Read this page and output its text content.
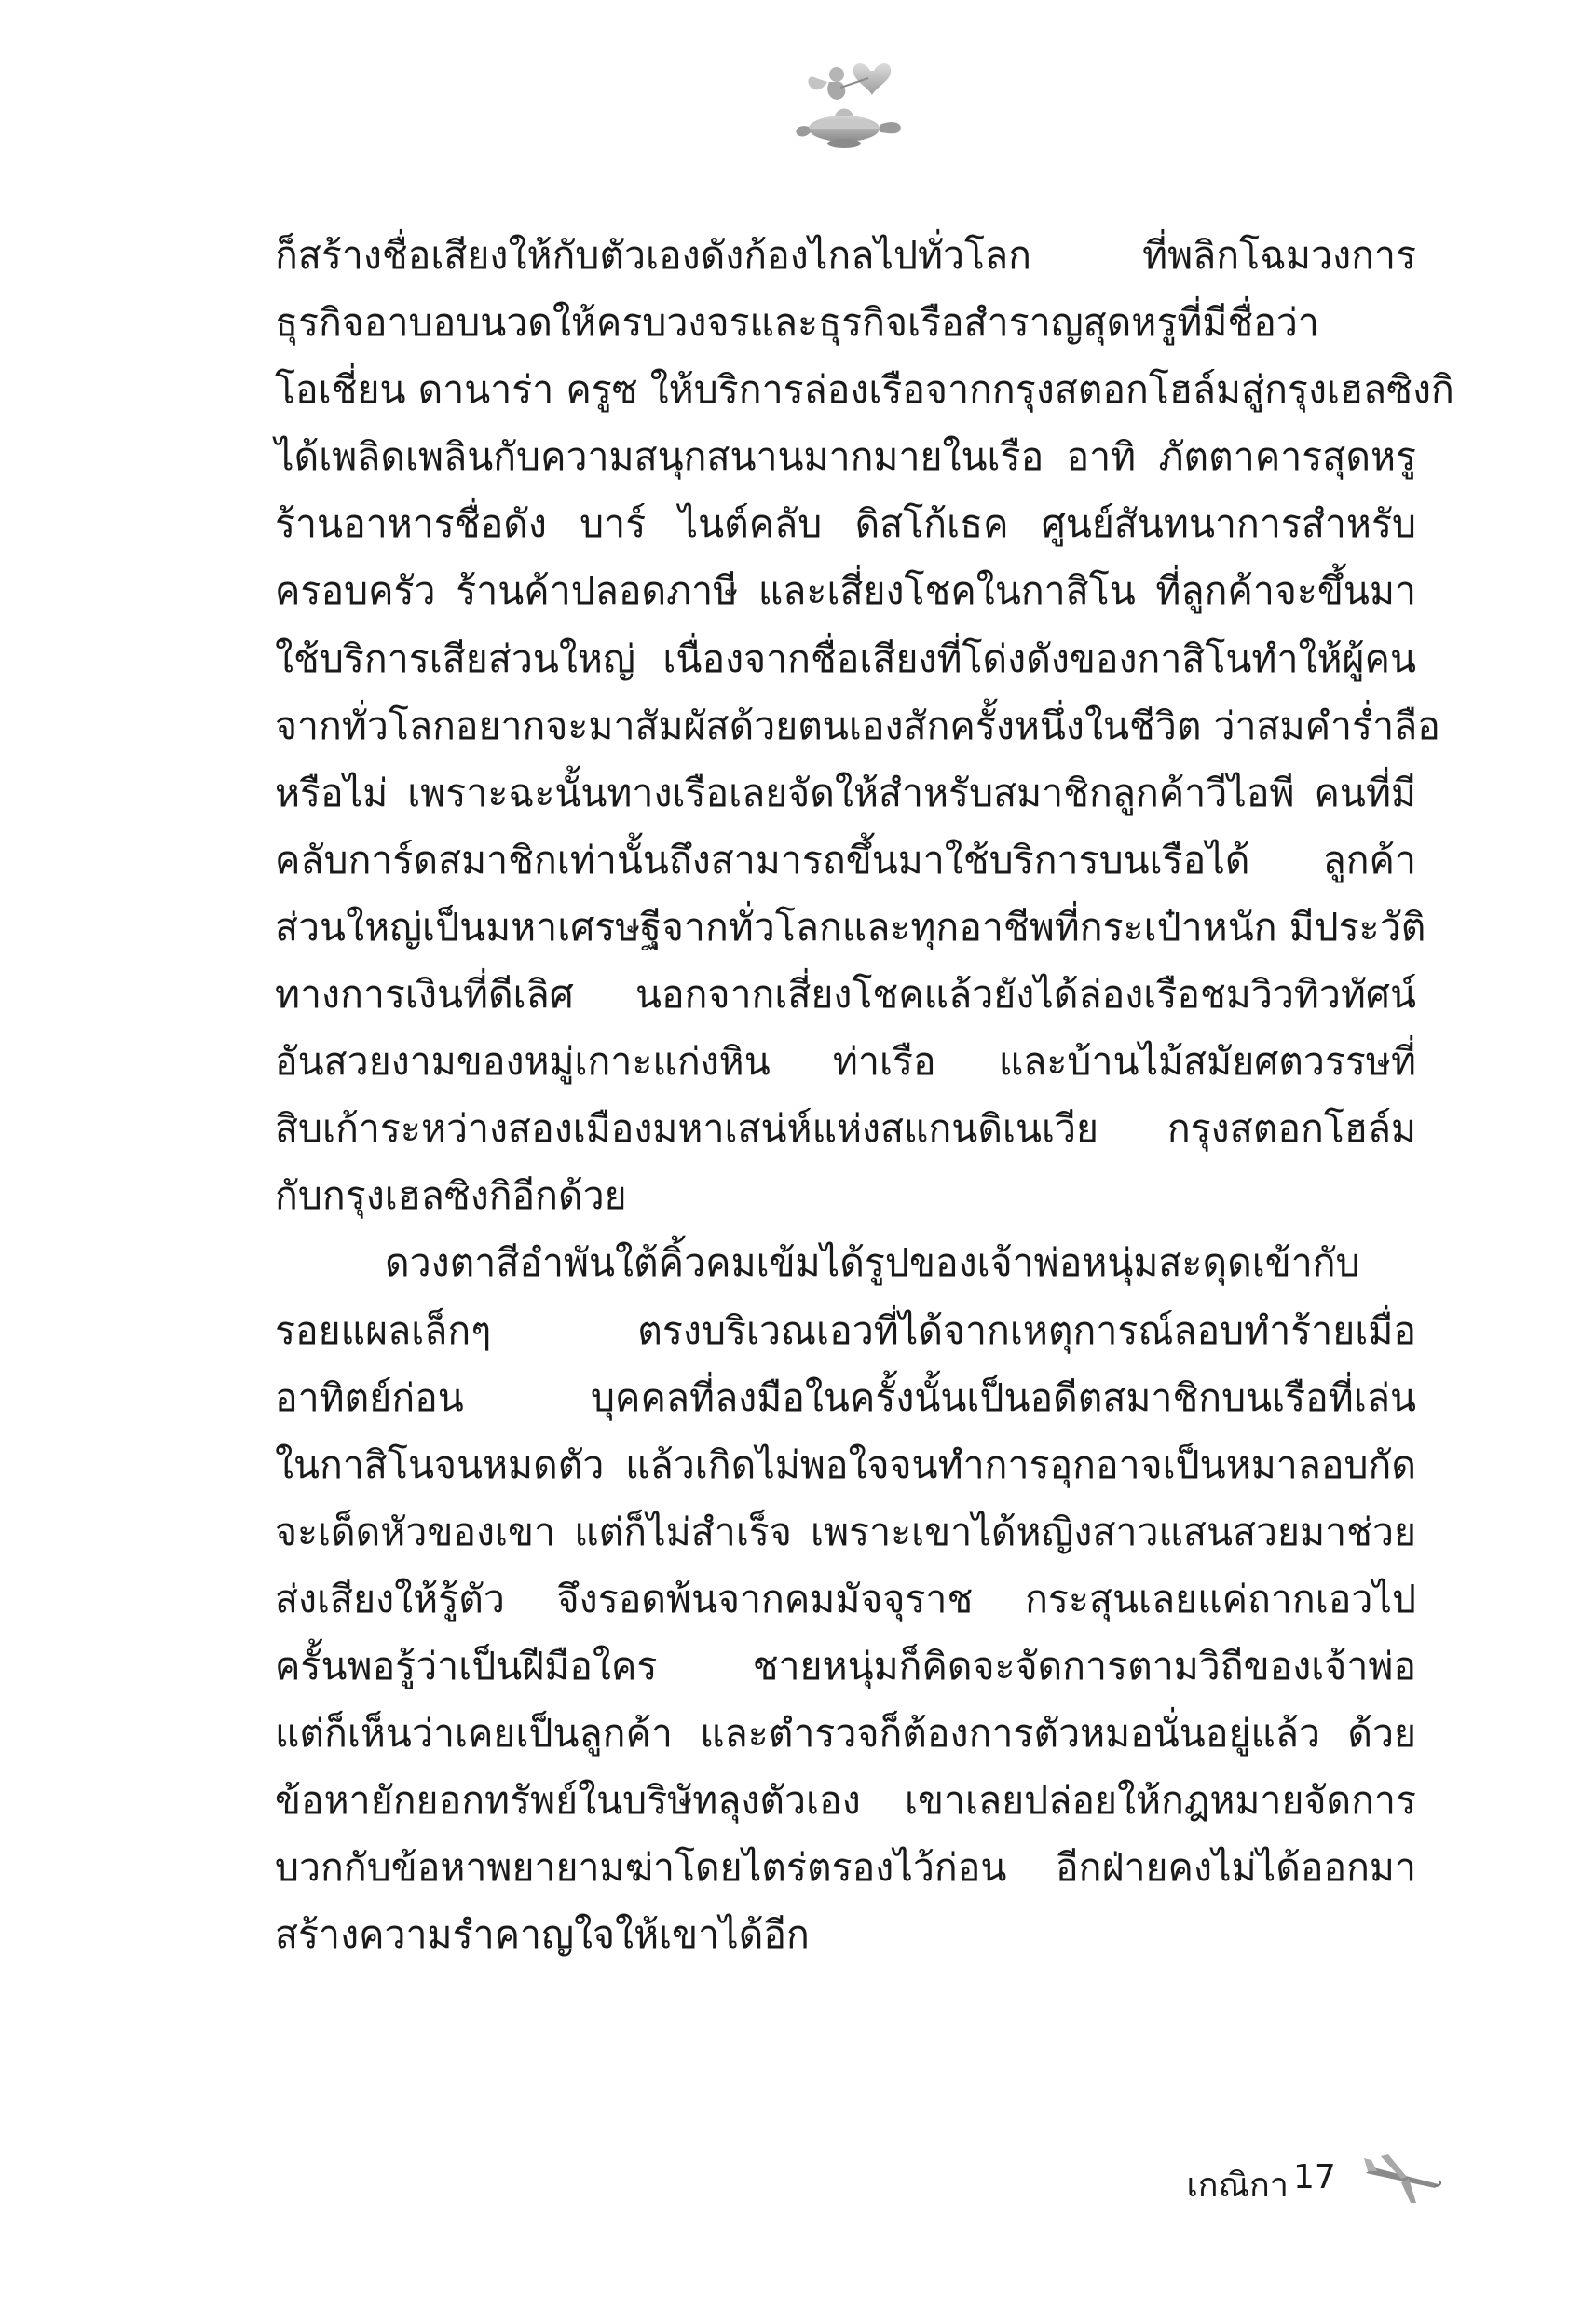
ก็สร้างชื่อเสียงให้กับตัวเองดังก้องไกลไปทั่วโลก ที่พลิกโฉมวงการ
ธุรกิจอาบอบนวดให้ครบวงจรและธุรกิจเรือสำราญสุดหรูที่มีชื่อว่า
โอเชี่ยน ดานาร่า ครูซ ให้บริการล่องเรือจากกรุงสตอกโฮล์มสู่กรุงเฮลซิงกิ
ได้เพลิดเพลินกับความสนุกสนานมากมายในเรือ อาทิ ภัตตาคารสุดหรู
ร้านอาหารชื่อดัง บาร์ ไนต์คลับ ดิสโก้เธค ศูนย์สันทนาการสำหรับ
ครอบครัว ร้านค้าปลอดภาษี และเสี่ยงโชคในกาสิโน ที่ลูกค้าจะขึ้นมา
ใช้บริการเสียส่วนใหญ่ เนื่องจากชื่อเสียงที่โด่งดังของกาสิโนทำให้ผู้คน
จากทั่วโลกอยากจะมาสัมผัสด้วยตนเองสักครั้งหนึ่งในชีวิต ว่าสมคำร่ำลือ
หรือไม่ เพราะฉะนั้นทางเรือเลยจัดให้สำหรับสมาชิกลูกค้าวีไอพี คนที่มี
คลับการ์ดสมาชิกเท่านั้นถึงสามารถขึ้นมาใช้บริการบนเรือได้ ลูกค้า
ส่วนใหญ่เป็นมหาเศรษฐีจากทั่วโลกและทุกอาชีพที่กระเป๋าหนัก มีประวัติ
ทางการเงินที่ดีเลิศ นอกจากเสี่ยงโชคแล้วยังได้ล่องเรือชมวิวทิวทัศน์
อันสวยงามของหมู่เกาะแก่งหิน ท่าเรือ และบ้านไม้สมัยศตวรรษที่
สิบเก้าระหว่างสองเมืองมหาเสน่ห์แห่งสแกนดิเนเวีย กรุงสตอกโฮล์ม
กับกรุงเฮลซิงกิอีกด้วย
ดวงตาสีอำพันใต้คิ้วคมเข้มได้รูปของเจ้าพ่อหนุ่มสะดุดเข้ากับ
รอยแผลเล็กๆ ตรงบริเวณเอวที่ได้จากเหตุการณ์ลอบทำร้ายเมื่อ
อาทิตย์ก่อน บุคคลที่ลงมือในครั้งนั้นเป็นอดีตสมาชิกบนเรือที่เล่น
ในกาสิโนจนหมดตัว แล้วเกิดไม่พอใจจนทำการอุกอาจเป็นหมาลอบกัด
จะเด็ดหัวของเขา แต่ก็ไม่สำเร็จ เพราะเขาได้หญิงสาวแสนสวยมาช่วย
ส่งเสียงให้รู้ตัว จึงรอดพ้นจากคมมัจจุราช กระสุนเลยแค่ถากเอวไป
ครั้นพอรู้ว่าเป็นฝีมือใคร ชายหนุ่มก็คิดจะจัดการตามวิถีของเจ้าพ่อ
แต่ก็เห็นว่าเคยเป็นลูกค้า และตำรวจก็ต้องการตัวหมอนั่นอยู่แล้ว ด้วย
ข้อหายักยอกทรัพย์ในบริษัทลุงตัวเอง เขาเลยปล่อยให้กฎหมายจัดการ
บวกกับข้อหาพยายามฆ่าโดยไตร่ตรองไว้ก่อน อีกฝ่ายคงไม่ได้ออกมา
สร้างความรำคาญใจให้เขาได้อีก
เกณิกา 17
